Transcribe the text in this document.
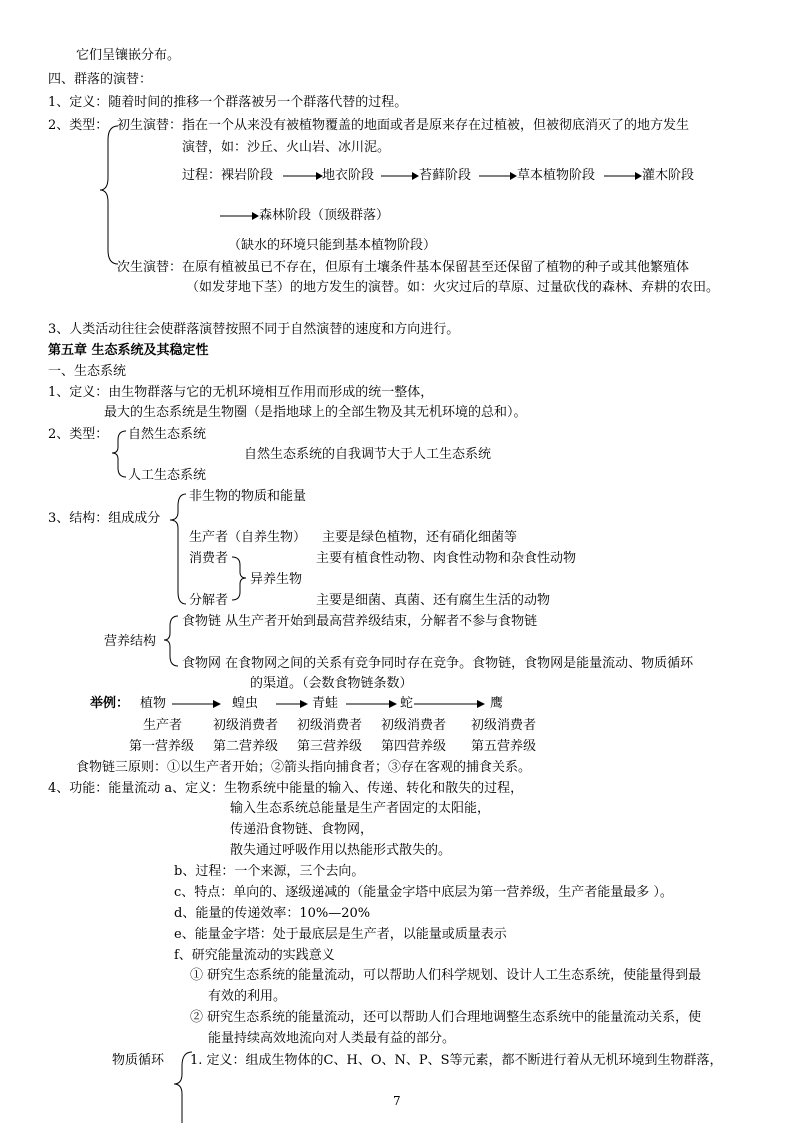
它们呈镶嵌分布。
四、群落的演替：
1、定义：随着时间的推移一个群落被另一个群落代替的过程。
2、类型： 初生演替：指在一个从来没有被植物覆盖的地面或者是原来存在过植被，但被彻底消灭了的地方发生
演替，如：沙丘、火山岩、冰川泥。
过程：裸岩阶段	地衣阶段	苔藓阶段	草本植物阶段	灌木阶段
森林阶段（顶级群落）
（缺水的环境只能到基本植物阶段）
次生演替：在原有植被虽已不存在，但原有土壤条件基本保留甚至还保留了植物的种子或其他繁殖体
（如发芽地下茎）的地方发生的演替。如：火灾过后的草原、过量砍伐的森林、弃耕的农田。
3、人类活动往往会使群落演替按照不同于自然演替的速度和方向进行。
第五章 生态系统及其稳定性
一、生态系统
1、定义：由生物群落与它的无机环境相互作用而形成的统一整体，
最大的生态系统是生物圈（是指地球上的全部生物及其无机环境的总和）。
2、类型： 自然生态系统
自然生态系统的自我调节大于人工生态系统
人工生态系统
非生物的物质和能量
3、结构：组成成分
生产者（自养生物） 主要是绿色植物，还有硝化细菌等
消费者	主要有植食性动物、肉食性动物和杂食性动物
异养生物
分解者	主要是细菌、真菌、还有腐生生活的动物
食物链 从生产者开始到最高营养级结束，分解者不参与食物链
营养结构
食物网 在食物网之间的关系有竞争同时存在竞争。食物链，食物网是能量流动、物质循环
的渠道。（会数食物链条数）
举例： 植物	蝗虫	青蛙	蛇	鹰
生产者 初级消费者 初级消费者 初级消费者 初级消费者
第一营养级 第二营养级 第三营养级 第四营养级 第五营养级
食物链三原则：①以生产者开始；②箭头指向捕食者；③存在客观的捕食关系。
4、功能：能量流动 a、定义：生物系统中能量的输入、传递、转化和散失的过程，
输入生态系统总能量是生产者固定的太阳能，
传递沿食物链、食物网，
散失通过呼吸作用以热能形式散失的。
b、过程：一个来源，三个去向。
c、特点：单向的、逐级递减的（能量金字塔中底层为第一营养级，生产者能量最多 ）。
d、能量的传递效率：10%—20%
e、能量金字塔：处于最底层是生产者，以能量或质量表示
f、研究能量流动的实践意义
① 研究生态系统的能量流动，可以帮助人们科学规划、设计人工生态系统，使能量得到最
有效的利用。
② 研究生态系统的能量流动，还可以帮助人们合理地调整生态系统中的能量流动关系，使
能量持续高效地流向对人类最有益的部分。
物质循环 1. 定义：组成生物体的C、H、O、N、P、S等元素，都不断进行着从无机环境到生物群落，
7
